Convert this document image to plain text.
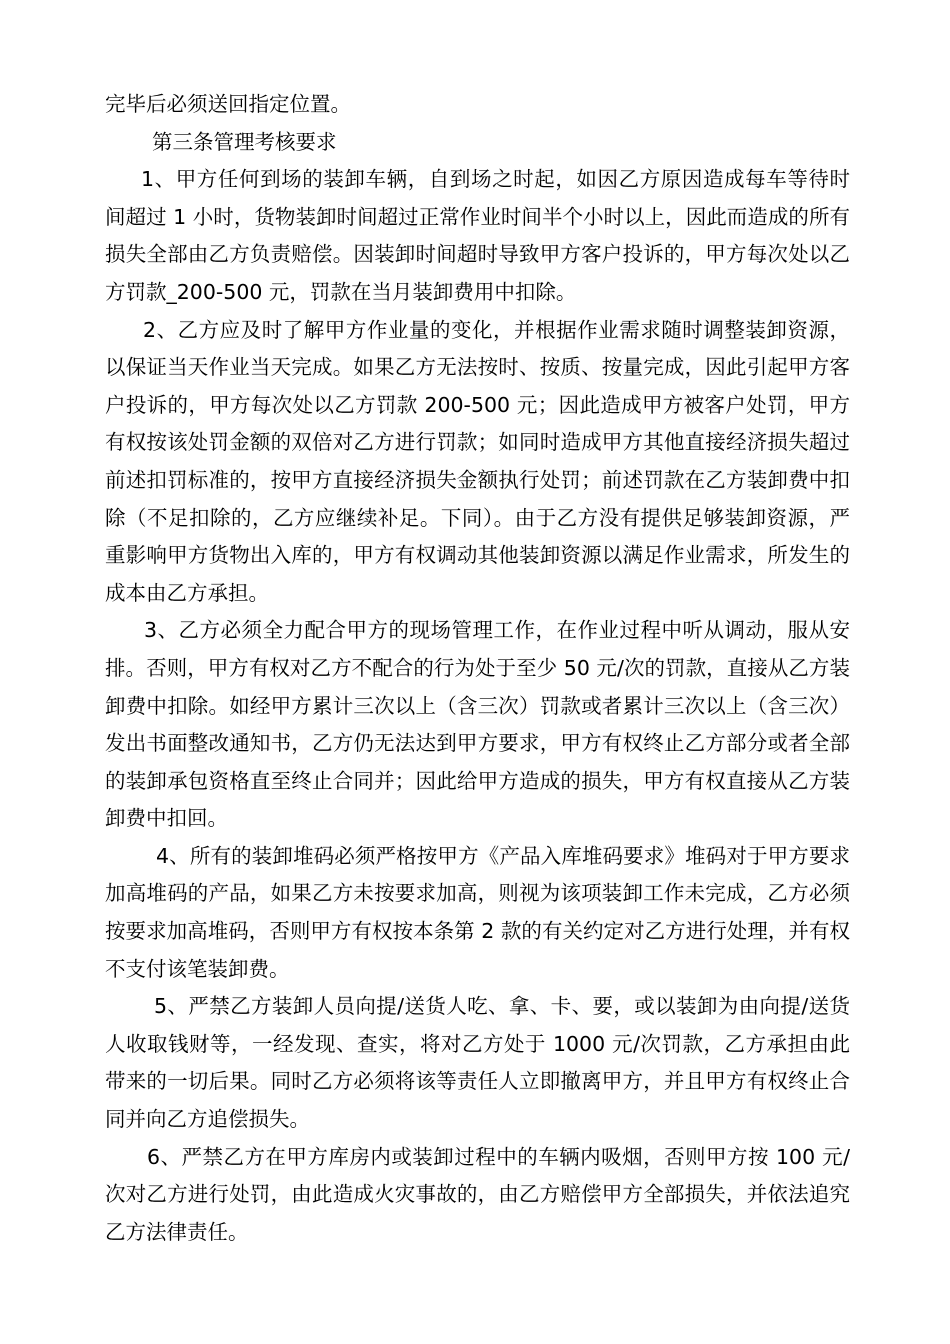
完毕后必须送回指定位置。

第三条管理考核要求

1、甲方任何到场的装卸车辆，自到场之时起，如因乙方原因造成每车等待时间超过 1 小时，货物装卸时间超过正常作业时间半个小时以上，因此而造成的所有损失全部由乙方负责赔偿。因装卸时间超时导致甲方客户投诉的，甲方每次处以乙方罚款_200-500 元，罚款在当月装卸费用中扣除。

2、乙方应及时了解甲方作业量的变化，并根据作业需求随时调整装卸资源，以保证当天作业当天完成。如果乙方无法按时、按质、按量完成，因此引起甲方客户投诉的，甲方每次处以乙方罚款 200-500 元；因此造成甲方被客户处罚，甲方有权按该处罚金额的双倍对乙方进行罚款；如同时造成甲方其他直接经济损失超过前述扣罚标准的，按甲方直接经济损失金额执行处罚；前述罚款在乙方装卸费中扣除（不足扣除的，乙方应继续补足。下同）。由于乙方没有提供足够装卸资源，严重影响甲方货物出入库的，甲方有权调动其他装卸资源以满足作业需求，所发生的成本由乙方承担。

3、乙方必须全力配合甲方的现场管理工作，在作业过程中听从调动，服从安排。否则，甲方有权对乙方不配合的行为处于至少 50 元/次的罚款，直接从乙方装卸费中扣除。如经甲方累计三次以上（含三次）罚款或者累计三次以上（含三次）发出书面整改通知书，乙方仍无法达到甲方要求，甲方有权终止乙方部分或者全部的装卸承包资格直至终止合同并；因此给甲方造成的损失，甲方有权直接从乙方装卸费中扣回。

4、所有的装卸堆码必须严格按甲方《产品入库堆码要求》堆码对于甲方要求加高堆码的产品，如果乙方未按要求加高，则视为该项装卸工作未完成，乙方必须按要求加高堆码，否则甲方有权按本条第 2 款的有关约定对乙方进行处理，并有权不支付该笔装卸费。

5、严禁乙方装卸人员向提/送货人吃、拿、卡、要，或以装卸为由向提/送货人收取钱财等，一经发现、查实，将对乙方处于 1000 元/次罚款，乙方承担由此带来的一切后果。同时乙方必须将该等责任人立即撤离甲方，并且甲方有权终止合同并向乙方追偿损失。

6、严禁乙方在甲方库房内或装卸过程中的车辆内吸烟，否则甲方按 100 元/次对乙方进行处罚，由此造成火灾事故的，由乙方赔偿甲方全部损失，并依法追究乙方法律责任。
